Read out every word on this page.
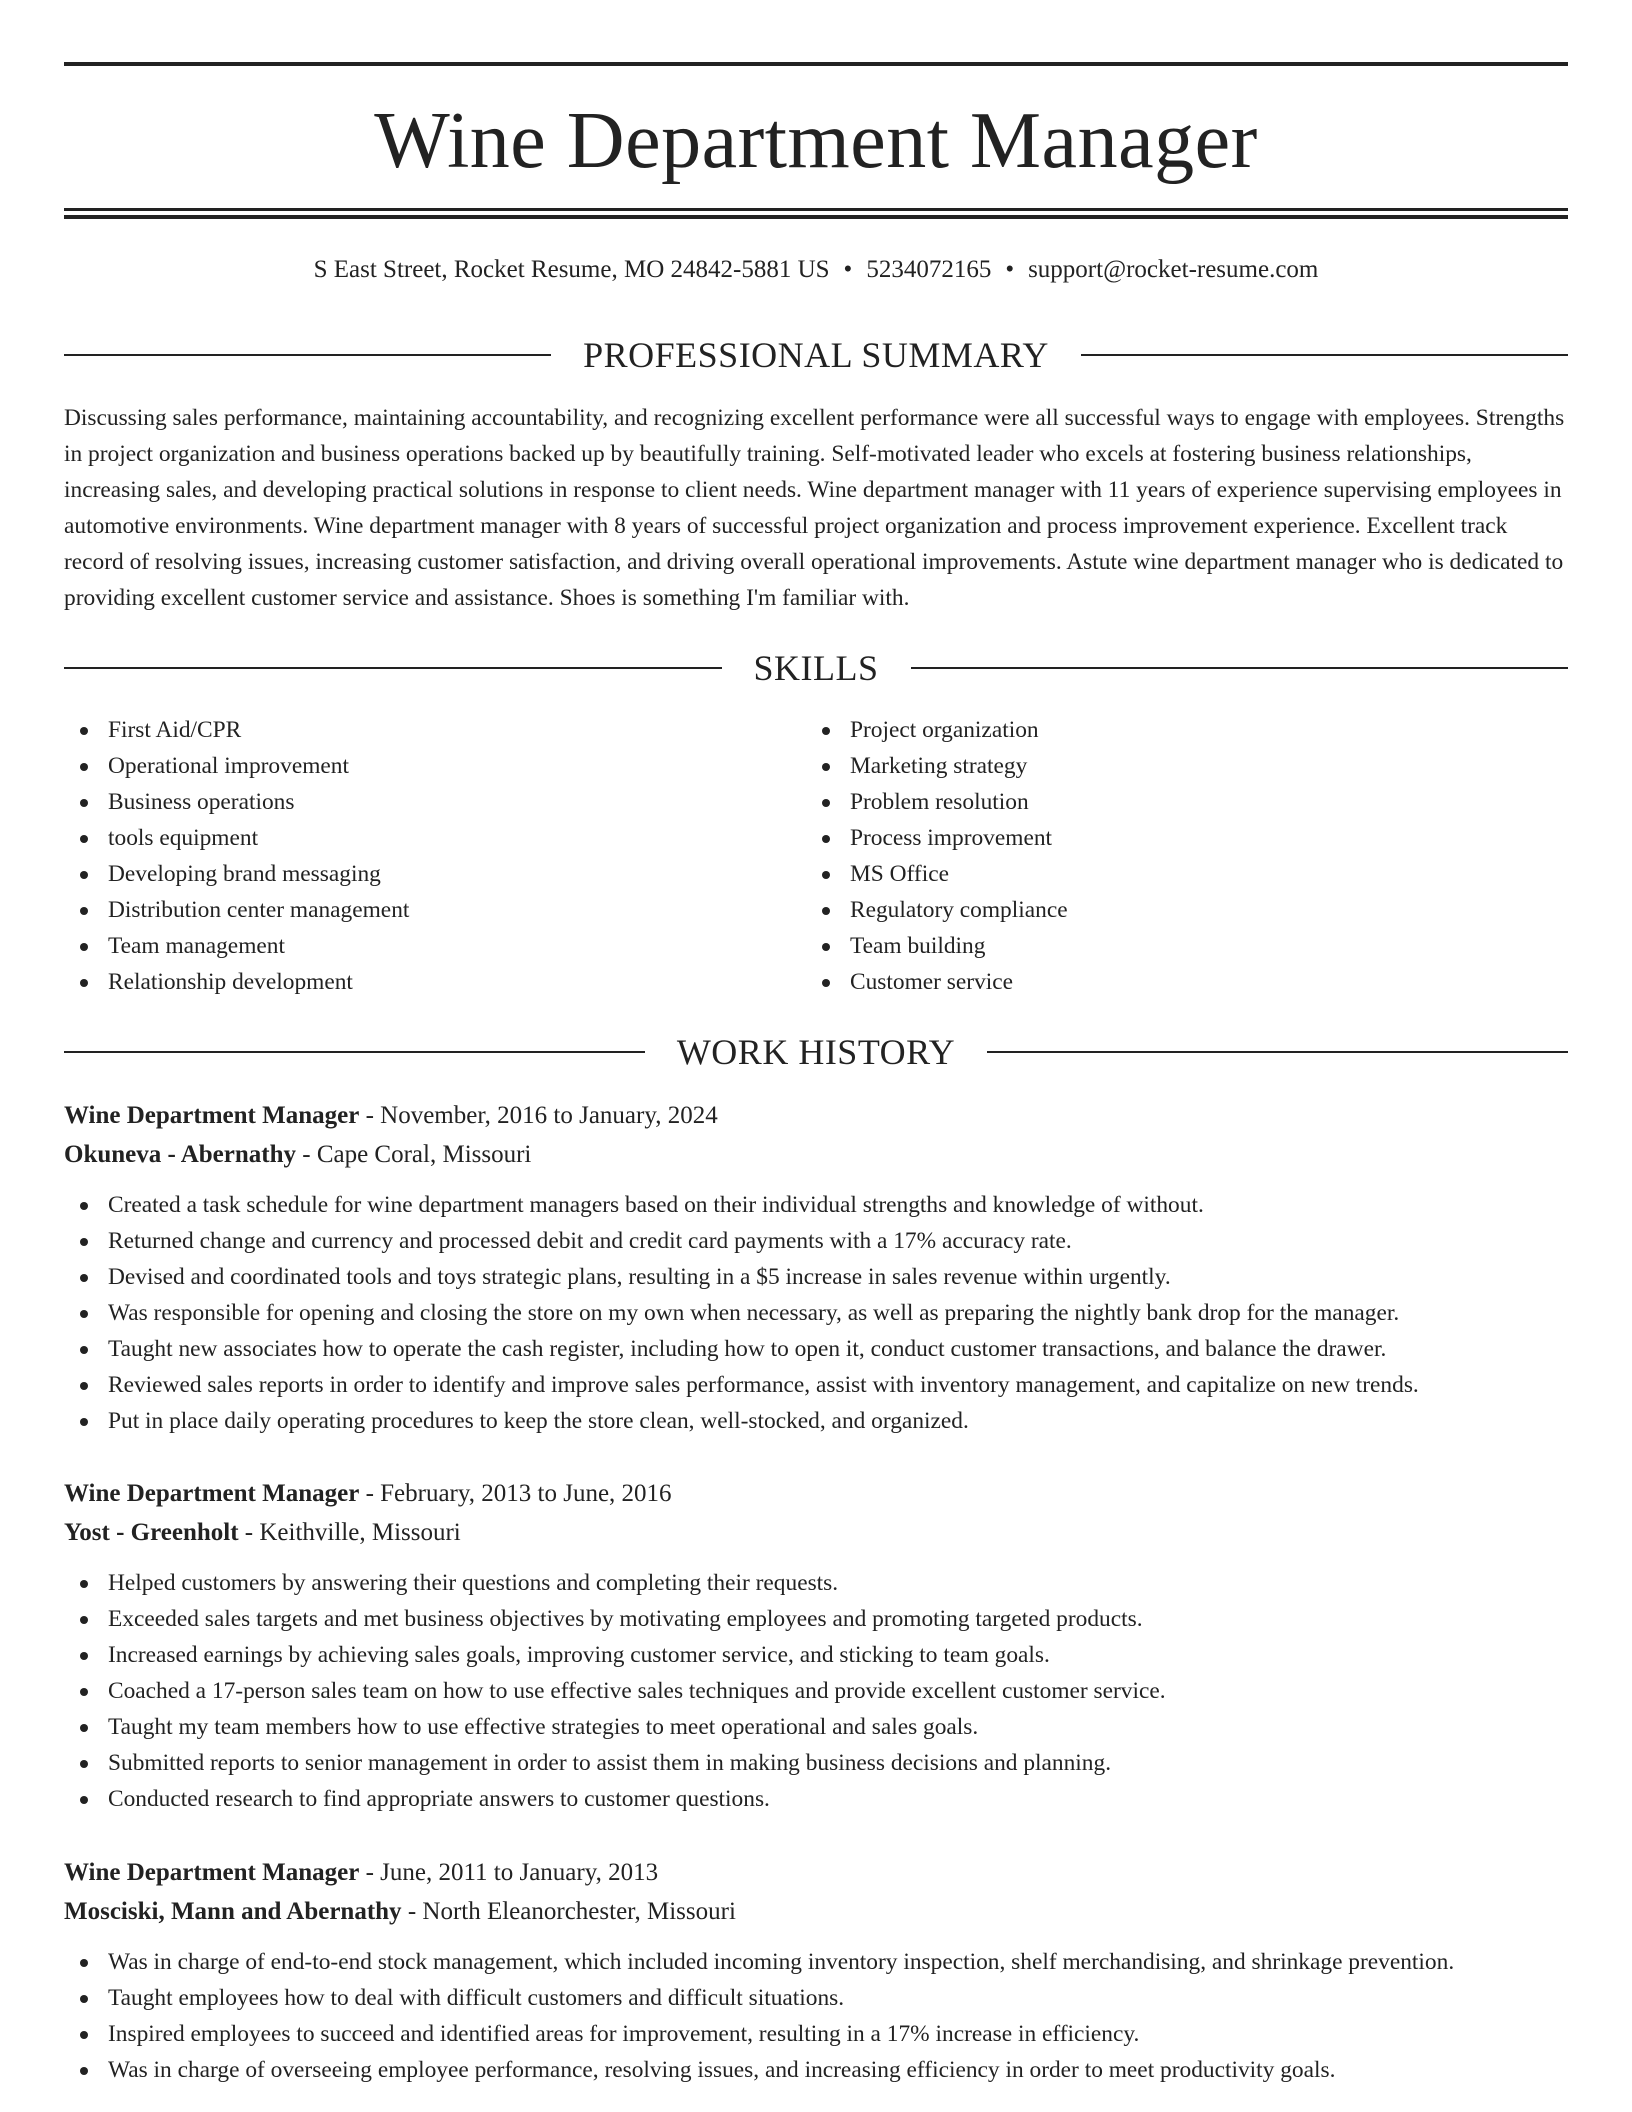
Wine Department Manager
S East Street, Rocket Resume, MO 24842-5881 US • 5234072165 • support@rocket-resume.com
PROFESSIONAL SUMMARY

Discussing sales performance, maintaining accountability, and recognizing excellent performance were all successful ways to engage with employees. Strengths in project organization and business operations backed up by beautifully training. Self-motivated leader who excels at fostering business relationships, increasing sales, and developing practical solutions in response to client needs. Wine department manager with 11 years of experience supervising employees in automotive environments. Wine department manager with 8 years of successful project organization and process improvement experience. Excellent track record of resolving issues, increasing customer satisfaction, and driving overall operational improvements. Astute wine department manager who is dedicated to providing excellent customer service and assistance. Shoes is something I'm familiar with.

SKILLS
First Aid/CPR
Operational improvement
Business operations
tools equipment
Developing brand messaging
Distribution center management
Team management
Relationship development
Project organization
Marketing strategy
Problem resolution
Process improvement
MS Office
Regulatory compliance
Team building
Customer service
WORK HISTORY
Wine Department Manager - November, 2016 to January, 2024
Okuneva - Abernathy - Cape Coral, Missouri
Created a task schedule for wine department managers based on their individual strengths and knowledge of without.
Returned change and currency and processed debit and credit card payments with a 17% accuracy rate.
Devised and coordinated tools and toys strategic plans, resulting in a $5 increase in sales revenue within urgently.
Was responsible for opening and closing the store on my own when necessary, as well as preparing the nightly bank drop for the manager.
Taught new associates how to operate the cash register, including how to open it, conduct customer transactions, and balance the drawer.
Reviewed sales reports in order to identify and improve sales performance, assist with inventory management, and capitalize on new trends.
Put in place daily operating procedures to keep the store clean, well-stocked, and organized.
Wine Department Manager - February, 2013 to June, 2016
Yost - Greenholt - Keithville, Missouri
Helped customers by answering their questions and completing their requests.
Exceeded sales targets and met business objectives by motivating employees and promoting targeted products.
Increased earnings by achieving sales goals, improving customer service, and sticking to team goals.
Coached a 17-person sales team on how to use effective sales techniques and provide excellent customer service.
Taught my team members how to use effective strategies to meet operational and sales goals.
Submitted reports to senior management in order to assist them in making business decisions and planning.
Conducted research to find appropriate answers to customer questions.
Wine Department Manager - June, 2011 to January, 2013
Mosciski, Mann and Abernathy - North Eleanorchester, Missouri
Was in charge of end-to-end stock management, which included incoming inventory inspection, shelf merchandising, and shrinkage prevention.
Taught employees how to deal with difficult customers and difficult situations.
Inspired employees to succeed and identified areas for improvement, resulting in a 17% increase in efficiency.
Was in charge of overseeing employee performance, resolving issues, and increasing efficiency in order to meet productivity goals.
